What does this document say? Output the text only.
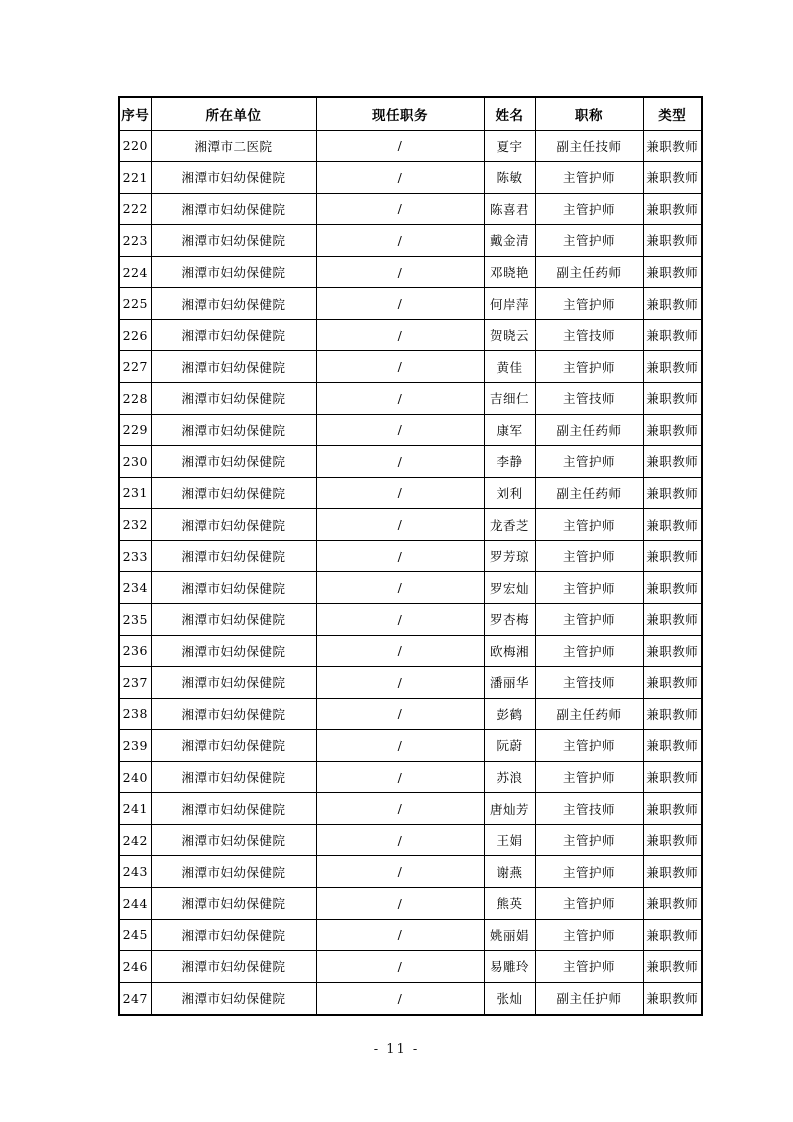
序号	所在单位	现任职务	姓名	职称	类型
220	湘潭市二医院	/	夏宇	副主任技师	兼职教师
221	湘潭市妇幼保健院	/	陈敏	主管护师	兼职教师
222	湘潭市妇幼保健院	/	陈喜君	主管护师	兼职教师
223	湘潭市妇幼保健院	/	戴金清	主管护师	兼职教师
224	湘潭市妇幼保健院	/	邓晓艳	副主任药师	兼职教师
225	湘潭市妇幼保健院	/	何岸萍	主管护师	兼职教师
226	湘潭市妇幼保健院	/	贺晓云	主管技师	兼职教师
227	湘潭市妇幼保健院	/	黄佳	主管护师	兼职教师
228	湘潭市妇幼保健院	/	吉细仁	主管技师	兼职教师
229	湘潭市妇幼保健院	/	康军	副主任药师	兼职教师
230	湘潭市妇幼保健院	/	李静	主管护师	兼职教师
231	湘潭市妇幼保健院	/	刘利	副主任药师	兼职教师
232	湘潭市妇幼保健院	/	龙香芝	主管护师	兼职教师
233	湘潭市妇幼保健院	/	罗芳琼	主管护师	兼职教师
234	湘潭市妇幼保健院	/	罗宏灿	主管护师	兼职教师
235	湘潭市妇幼保健院	/	罗杏梅	主管护师	兼职教师
236	湘潭市妇幼保健院	/	欧梅湘	主管护师	兼职教师
237	湘潭市妇幼保健院	/	潘丽华	主管技师	兼职教师
238	湘潭市妇幼保健院	/	彭鹤	副主任药师	兼职教师
239	湘潭市妇幼保健院	/	阮蔚	主管护师	兼职教师
240	湘潭市妇幼保健院	/	苏浪	主管护师	兼职教师
241	湘潭市妇幼保健院	/	唐灿芳	主管技师	兼职教师
242	湘潭市妇幼保健院	/	王娟	主管护师	兼职教师
243	湘潭市妇幼保健院	/	谢燕	主管护师	兼职教师
244	湘潭市妇幼保健院	/	熊英	主管护师	兼职教师
245	湘潭市妇幼保健院	/	姚丽娟	主管护师	兼职教师
246	湘潭市妇幼保健院	/	易雕玲	主管护师	兼职教师
247	湘潭市妇幼保健院	/	张灿	副主任护师	兼职教师
- 11 -
